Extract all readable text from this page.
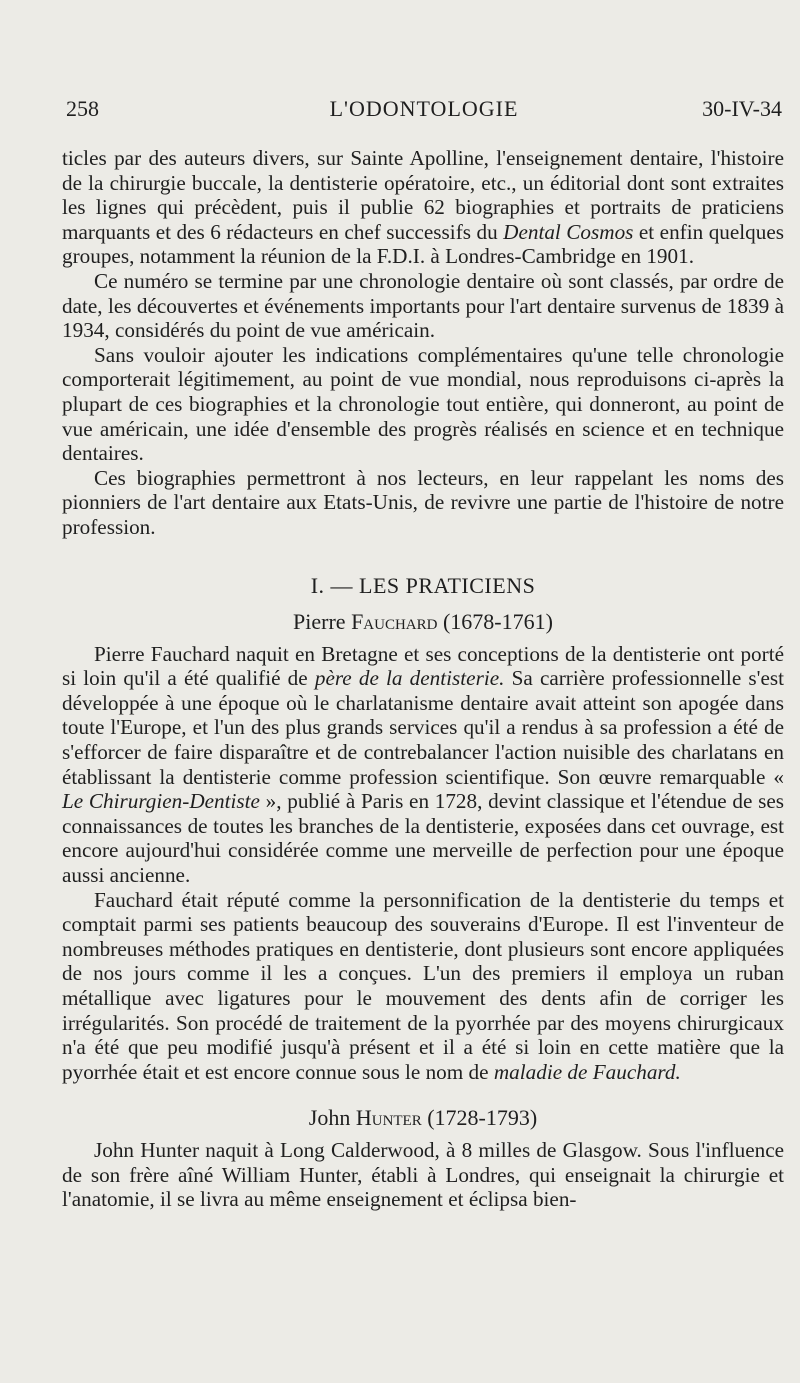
258	L'ODONTOLOGIE	30-IV-34

ticles par des auteurs divers, sur Sainte Apolline, l'enseignement dentaire, l'histoire de la chirurgie buccale, la dentisterie opératoire, etc., un éditorial dont sont extraites les lignes qui précèdent, puis il publie 62 biographies et portraits de praticiens marquants et des 6 rédacteurs en chef successifs du Dental Cosmos et enfin quelques groupes, notamment la réunion de la F.D.I. à Londres-Cambridge en 1901.

Ce numéro se termine par une chronologie dentaire où sont classés, par ordre de date, les découvertes et événements importants pour l'art dentaire survenus de 1839 à 1934, considérés du point de vue américain.

Sans vouloir ajouter les indications complémentaires qu'une telle chronologie comporterait légitimement, au point de vue mondial, nous reproduisons ci-après la plupart de ces biographies et la chronologie tout entière, qui donneront, au point de vue américain, une idée d'ensemble des progrès réalisés en science et en technique dentaires.

Ces biographies permettront à nos lecteurs, en leur rappelant les noms des pionniers de l'art dentaire aux Etats-Unis, de revivre une partie de l'histoire de notre profession.

I. — LES PRATICIENS
Pierre Fauchard (1678-1761)

Pierre Fauchard naquit en Bretagne et ses conceptions de la dentisterie ont porté si loin qu'il a été qualifié de père de la dentisterie. Sa carrière professionnelle s'est développée à une époque où le charlatanisme dentaire avait atteint son apogée dans toute l'Europe, et l'un des plus grands services qu'il a rendus à sa profession a été de s'efforcer de faire disparaître et de contrebalancer l'action nuisible des charlatans en établissant la dentisterie comme profession scientifique. Son œuvre remarquable « Le Chirurgien-Dentiste », publié à Paris en 1728, devint classique et l'étendue de ses connaissances de toutes les branches de la dentisterie, exposées dans cet ouvrage, est encore aujourd'hui considérée comme une merveille de perfection pour une époque aussi ancienne.

Fauchard était réputé comme la personnification de la dentisterie du temps et comptait parmi ses patients beaucoup des souverains d'Europe. Il est l'inventeur de nombreuses méthodes pratiques en dentisterie, dont plusieurs sont encore appliquées de nos jours comme il les a conçues. L'un des premiers il employa un ruban métallique avec ligatures pour le mouvement des dents afin de corriger les irrégularités. Son procédé de traitement de la pyorrhée par des moyens chirurgicaux n'a été que peu modifié jusqu'à présent et il a été si loin en cette matière que la pyorrhée était et est encore connue sous le nom de maladie de Fauchard.

John Hunter (1728-1793)

John Hunter naquit à Long Calderwood, à 8 milles de Glasgow. Sous l'influence de son frère aîné William Hunter, établi à Londres, qui enseignait la chirurgie et l'anatomie, il se livra au même enseignement et éclipsa bien-
